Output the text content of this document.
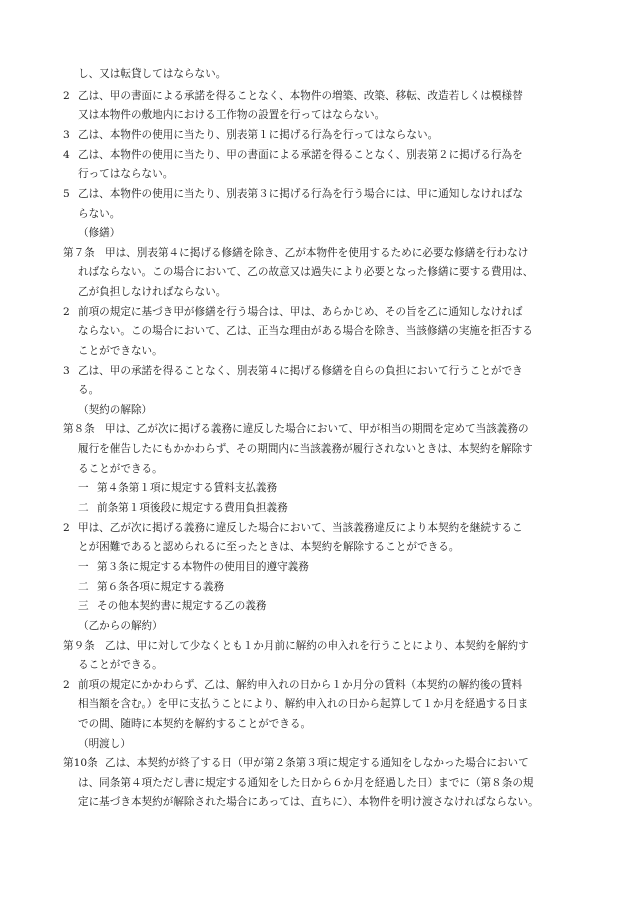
し、又は転貸してはならない。
2 乙は、甲の書面による承諾を得ることなく、本物件の増築、改築、移転、改造若しくは模様替
又は本物件の敷地内における工作物の設置を行ってはならない。
3 乙は、本物件の使用に当たり、別表第１に掲げる行為を行ってはならない。
4 乙は、本物件の使用に当たり、甲の書面による承諾を得ることなく、別表第２に掲げる行為を
行ってはならない。
5 乙は、本物件の使用に当たり、別表第３に掲げる行為を行う場合には、甲に通知しなければな
らない。
（修繕）
第７条 甲は、別表第４に掲げる修繕を除き、乙が本物件を使用するために必要な修繕を行わなけ
ればならない。この場合において、乙の故意又は過失により必要となった修繕に要する費用は、
乙が負担しなければならない。
2 前項の規定に基づき甲が修繕を行う場合は、甲は、あらかじめ、その旨を乙に通知しなければ
ならない。この場合において、乙は、正当な理由がある場合を除き、当該修繕の実施を拒否する
ことができない。
3 乙は、甲の承諾を得ることなく、別表第４に掲げる修繕を自らの負担において行うことができ
る。
（契約の解除）
第８条 甲は、乙が次に掲げる義務に違反した場合において、甲が相当の期間を定めて当該義務の
履行を催告したにもかかわらず、その期間内に当該義務が履行されないときは、本契約を解除す
ることができる。
一 第４条第１項に規定する賃料支払義務
二 前条第１項後段に規定する費用負担義務
2 甲は、乙が次に掲げる義務に違反した場合において、当該義務違反により本契約を継続するこ
とが困難であると認められるに至ったときは、本契約を解除することができる。
一 第３条に規定する本物件の使用目的遵守義務
二 第６条各項に規定する義務
三 その他本契約書に規定する乙の義務
（乙からの解約）
第９条 乙は、甲に対して少なくとも１か月前に解約の申入れを行うことにより、本契約を解約す
ることができる。
2 前項の規定にかかわらず、乙は、解約申入れの日から１か月分の賃料（本契約の解約後の賃料
相当額を含む。）を甲に支払うことにより、解約申入れの日から起算して１か月を経過する日ま
での間、随時に本契約を解約することができる。
（明渡し）
第10条 乙は、本契約が終了する日（甲が第２条第３項に規定する通知をしなかった場合において
は、同条第４項ただし書に規定する通知をした日から６か月を経過した日）までに（第８条の規
定に基づき本契約が解除された場合にあっては、直ちに）、本物件を明け渡さなければならない。
